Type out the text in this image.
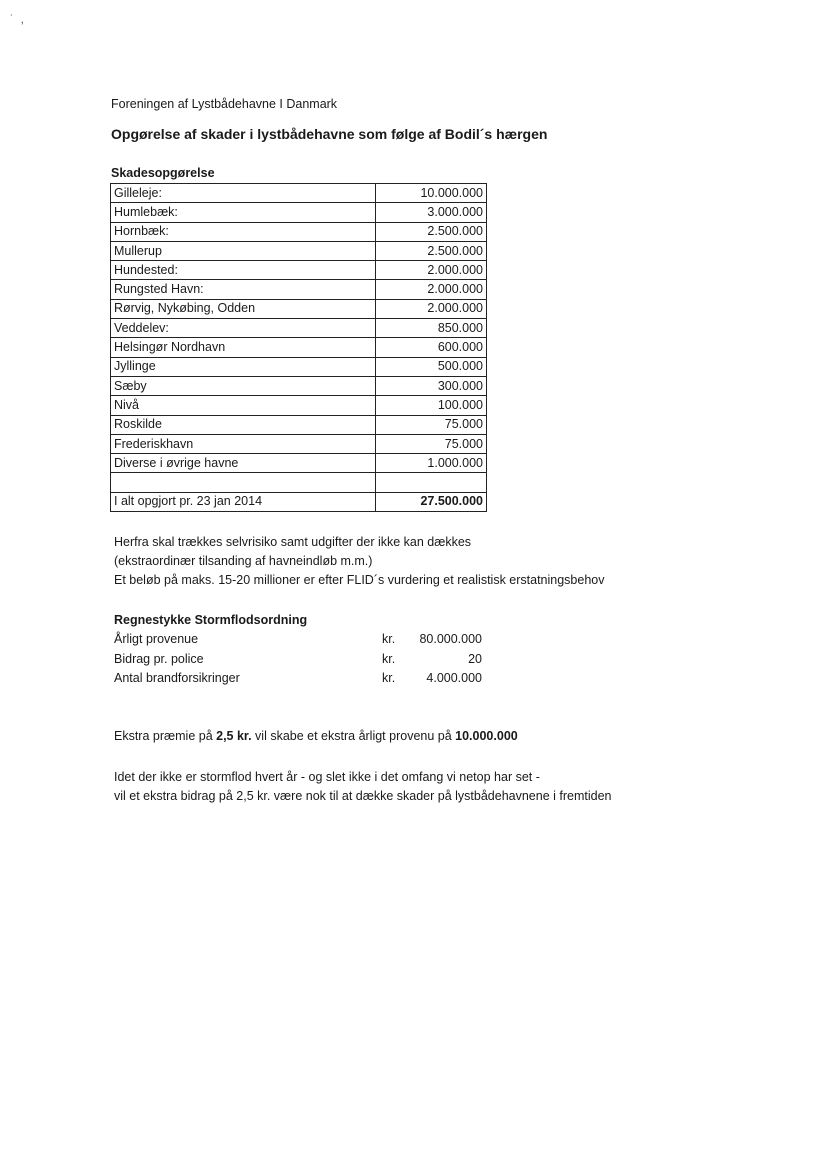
˙  ,
Foreningen af Lystbådehavne I Danmark
Opgørelse af skader i lystbådehavne som følge af Bodil´s hærgen
Skadesopgørelse
Gilleleje:	10.000.000
Humlebæk:	3.000.000
Hornbæk:	2.500.000
Mullerup	2.500.000
Hundested:	2.000.000
Rungsted Havn:	2.000.000
Rørvig, Nykøbing, Odden	2.000.000
Veddelev:	850.000
Helsingør Nordhavn	600.000
Jyllinge	500.000
Sæby	300.000
Nivå	100.000
Roskilde	75.000
Frederiskhavn	75.000
Diverse i øvrige havne	1.000.000

I alt opgjort pr. 23 jan 2014	27.500.000
Herfra skal trækkes selvrisiko samt udgifter der ikke kan dækkes
(ekstraordinær tilsanding af havneindløb m.m.)
Et beløb på maks. 15-20 millioner er efter FLID´s vurdering et realistisk erstatningsbehov
Regnestykke Stormflodsordning
Årligt provenue	kr.	80.000.000
Bidrag pr. police	kr.	20
Antal brandforsikringer	kr.	4.000.000
Ekstra præmie på 2,5 kr. vil skabe et ekstra årligt provenu på 10.000.000
Idet der ikke er stormflod hvert år - og slet ikke i det omfang vi netop har set -
vil et ekstra bidrag på 2,5 kr. være nok til at dække skader på lystbådehavnene i fremtiden
